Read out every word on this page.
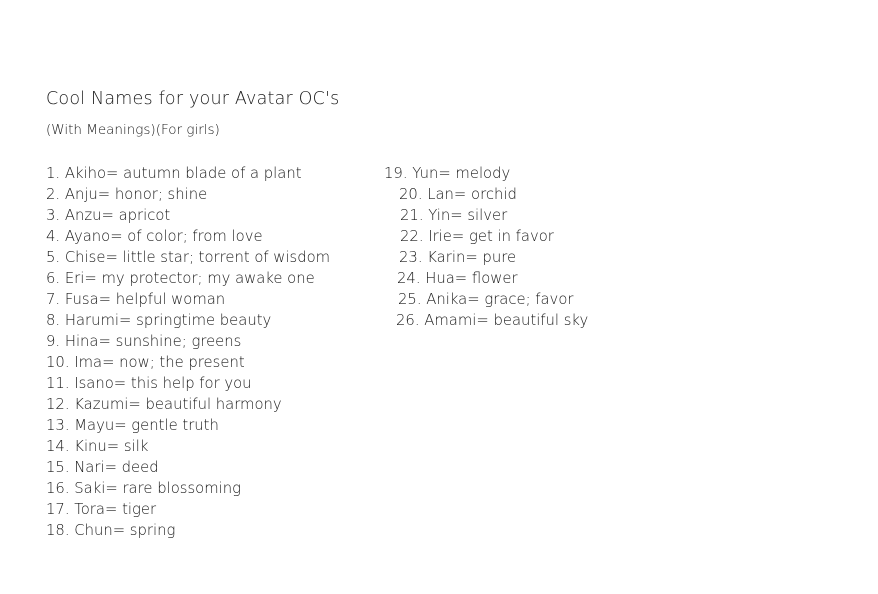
Cool Names for your Avatar OC's
(With Meanings)(For girls)
1. Akiho= autumn blade of a plant
2. Anju= honor; shine
3. Anzu= apricot
4. Ayano= of color; from love
5. Chise= little star; torrent of wisdom
6. Eri= my protector; my awake one
7. Fusa= helpful woman
8. Harumi= springtime beauty
9. Hina= sunshine; greens
10. Ima= now; the present
11. Isano= this help for you
12. Kazumi= beautiful harmony
13. Mayu= gentle truth
14. Kinu= silk
15. Nari= deed
16. Saki= rare blossoming
17. Tora= tiger
18. Chun= spring
19. Yun= melody
20. Lan= orchid
21. Yin= silver
22. Irie= get in favor
23. Karin= pure
24. Hua= flower
25. Anika= grace; favor
26. Amami= beautiful sky
